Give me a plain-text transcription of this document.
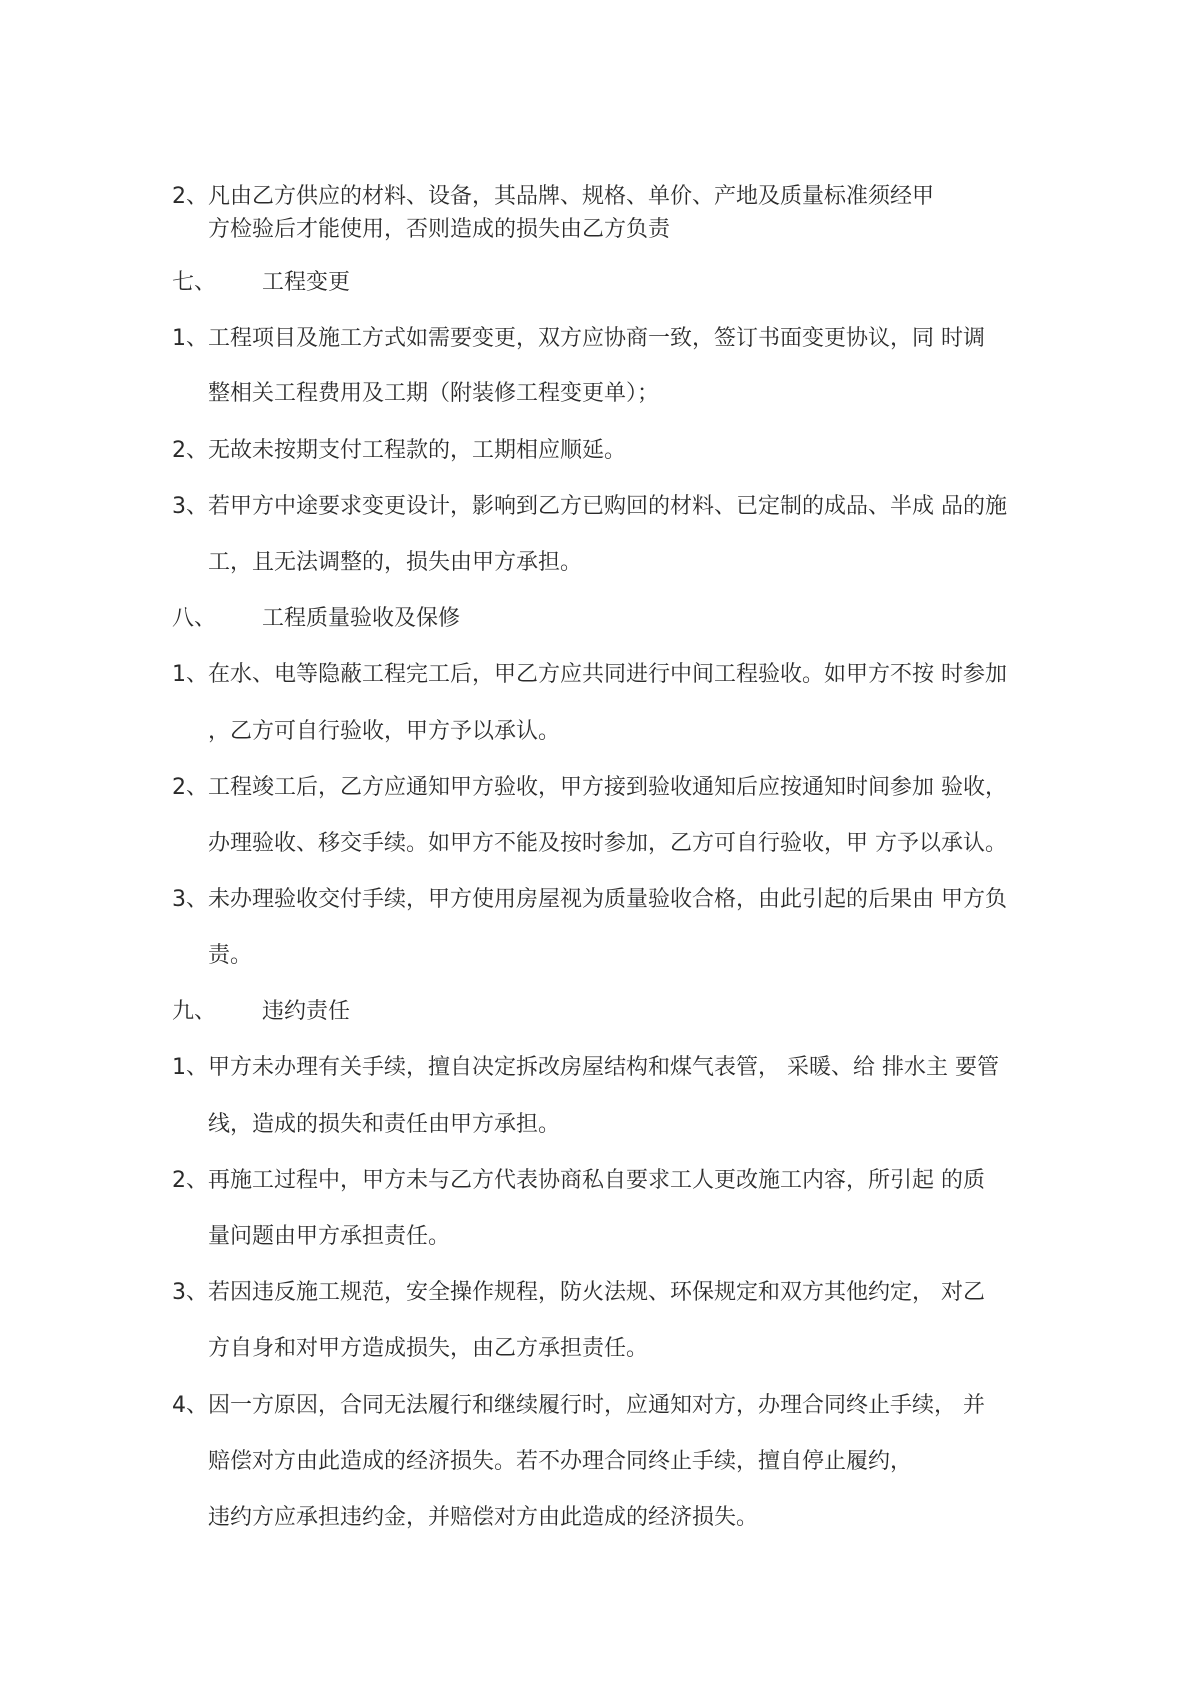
2、凡由乙方供应的材料、设备，其品牌、规格、单价、产地及质量标准须经甲
方检验后才能使用，否则造成的损失由乙方负责
七、 工程变更
1、工程项目及施工方式如需要变更，双方应协商一致，签订书面变更协议，同 时调
整相关工程费用及工期（附装修工程变更单）；
2、无故未按期支付工程款的，工期相应顺延。
3、若甲方中途要求变更设计，影响到乙方已购回的材料、已定制的成品、半成 品的施
工，且无法调整的，损失由甲方承担。
八、 工程质量验收及保修
1、在水、电等隐蔽工程完工后，甲乙方应共同进行中间工程验收。如甲方不按 时参加
，乙方可自行验收，甲方予以承认。
2、工程竣工后，乙方应通知甲方验收，甲方接到验收通知后应按通知时间参加 验收，
办理验收、移交手续。如甲方不能及按时参加，乙方可自行验收，甲 方予以承认。
3、未办理验收交付手续，甲方使用房屋视为质量验收合格，由此引起的后果由 甲方负
责。
九、 违约责任
1、甲方未办理有关手续，擅自决定拆改房屋结构和煤气表管， 采暖、给 排水主 要管
线，造成的损失和责任由甲方承担。
2、再施工过程中，甲方未与乙方代表协商私自要求工人更改施工内容，所引起 的质
量问题由甲方承担责任。
3、若因违反施工规范，安全操作规程，防火法规、环保规定和双方其他约定， 对乙
方自身和对甲方造成损失，由乙方承担责任。
4、因一方原因，合同无法履行和继续履行时，应通知对方，办理合同终止手续， 并
赔偿对方由此造成的经济损失。若不办理合同终止手续，擅自停止履约，
违约方应承担违约金，并赔偿对方由此造成的经济损失。
